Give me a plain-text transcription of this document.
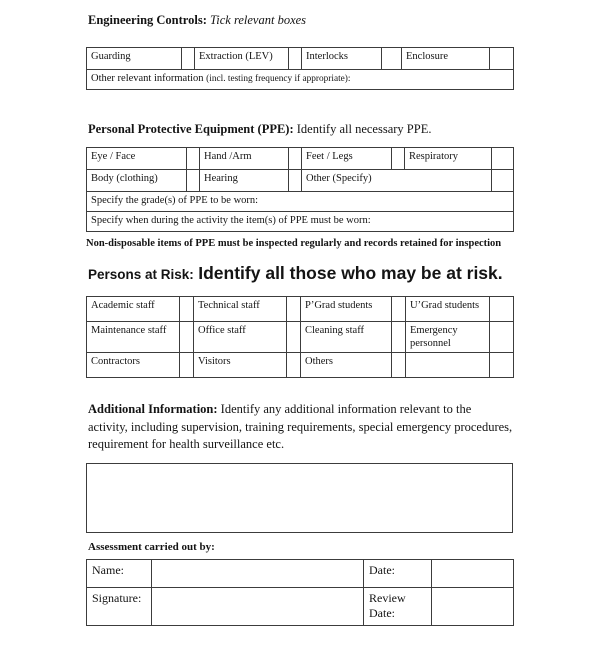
Engineering Controls: Tick relevant boxes

Guarding		Extraction (LEV)		Interlocks		Enclosure	
Other relevant information (incl. testing frequency if appropriate):

Personal Protective Equipment (PPE): Identify all necessary PPE.

Eye / Face		Hand /Arm		Feet / Legs		Respiratory	
Body (clothing)		Hearing		Other (Specify)			
Specify the grade(s) of PPE to be worn:							
Specify when during the activity the item(s) of PPE must be worn:							

Non-disposable items of PPE must be inspected regularly and records retained for inspection

Persons at Risk: Identify all those who may be at risk.

Academic staff		Technical staff		P’Grad students		U’Grad students	
Maintenance staff		Office staff		Cleaning staff		Emergency personnel	
Contractors		Visitors		Others			

Additional Information: Identify any additional information relevant to the activity, including supervision, training requirements, special emergency procedures, requirement for health surveillance etc.

Assessment carried out by:

Name:		Date:	
Signature:		Review Date:	
